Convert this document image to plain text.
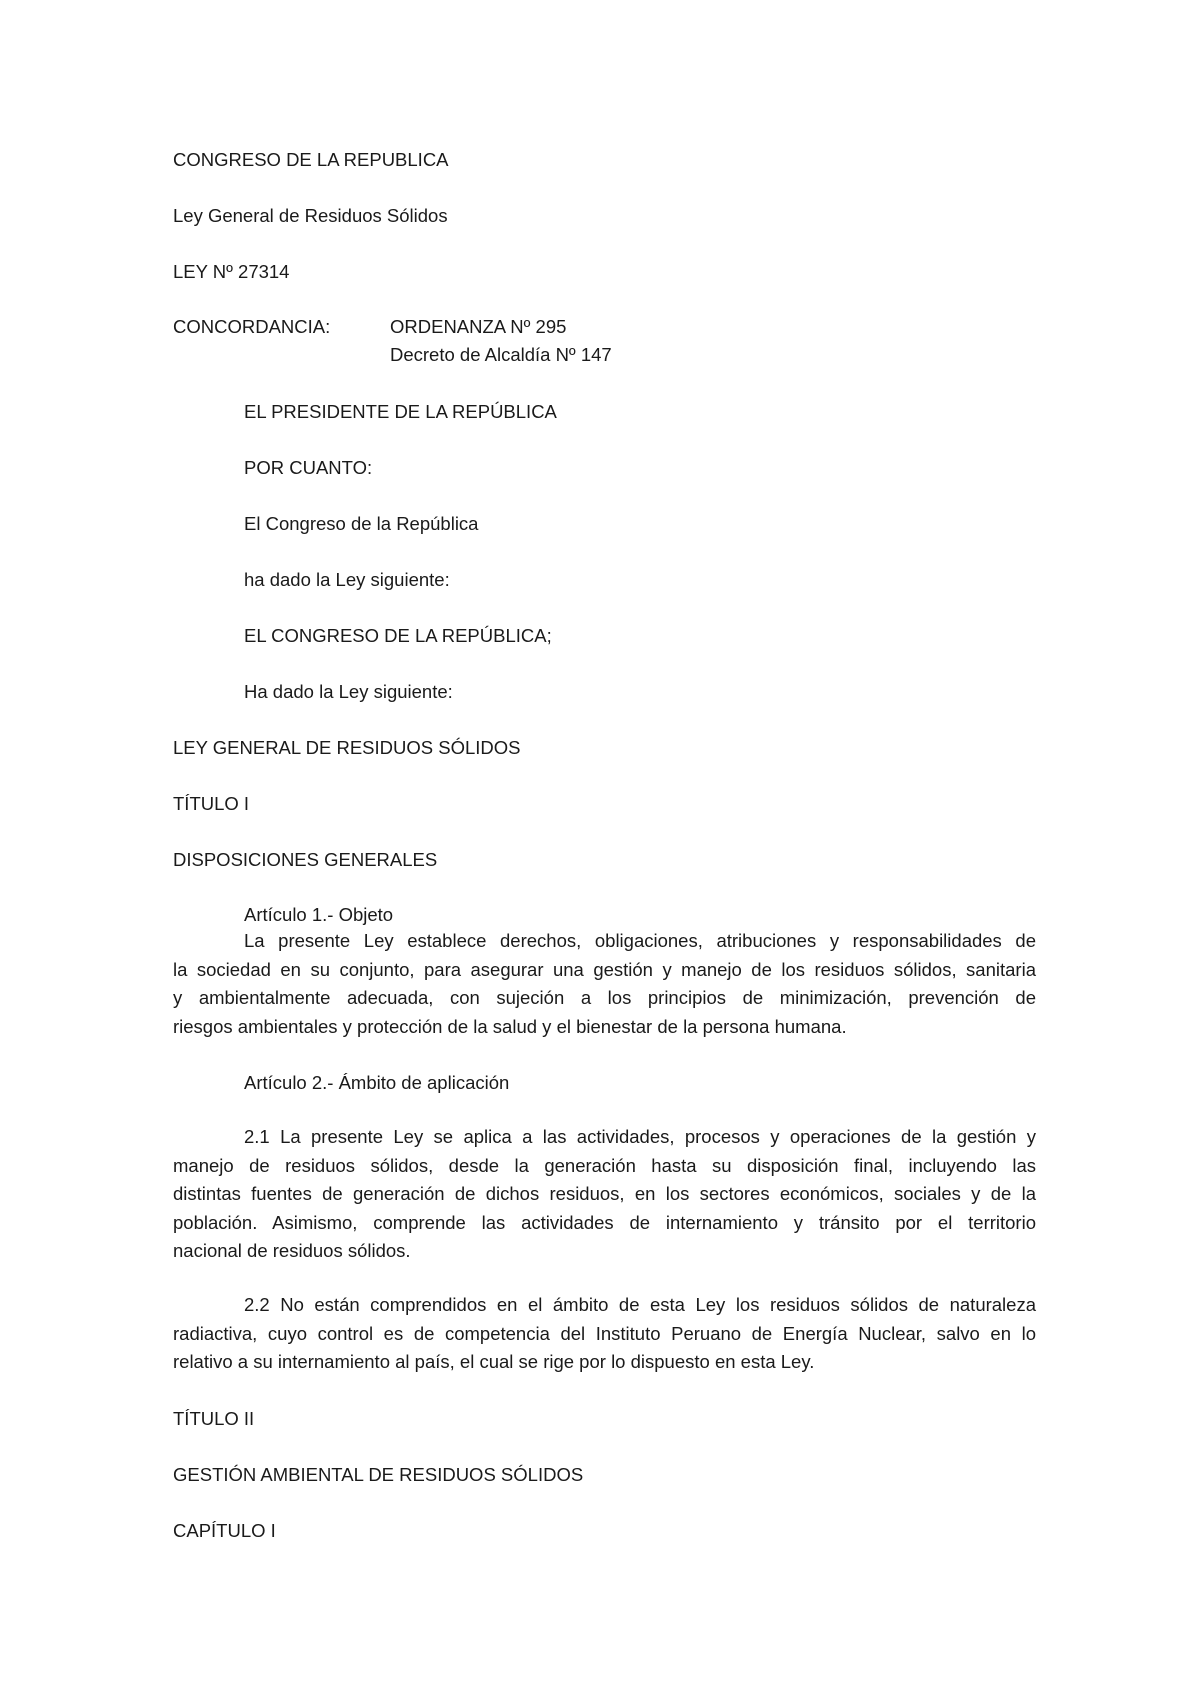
CONGRESO DE LA REPUBLICA
Ley General de Residuos Sólidos
LEY Nº 27314
CONCORDANCIA:	ORDENANZA Nº 295
Decreto de Alcaldía Nº 147
EL PRESIDENTE DE LA REPÚBLICA
POR CUANTO:
El Congreso de la República
ha dado la Ley siguiente:
EL CONGRESO DE LA REPÚBLICA;
Ha dado la Ley siguiente:
LEY GENERAL DE RESIDUOS SÓLIDOS
TÍTULO I
DISPOSICIONES GENERALES
Artículo 1.- Objeto
La presente Ley establece derechos, obligaciones, atribuciones y responsabilidades de
la sociedad en su conjunto, para asegurar una gestión y manejo de los residuos sólidos, sanitaria
y ambientalmente adecuada, con sujeción a los principios de minimización, prevención de
riesgos ambientales y protección de la salud y el bienestar de la persona humana.
Artículo 2.- Ámbito de aplicación
2.1 La presente Ley se aplica a las actividades, procesos y operaciones de la gestión y
manejo de residuos sólidos, desde la generación hasta su disposición final, incluyendo las
distintas fuentes de generación de dichos residuos, en los sectores económicos, sociales y de la
población. Asimismo, comprende las actividades de internamiento y tránsito por el territorio
nacional de residuos sólidos.
2.2 No están comprendidos en el ámbito de esta Ley los residuos sólidos de naturaleza
radiactiva, cuyo control es de competencia del Instituto Peruano de Energía Nuclear, salvo en lo
relativo a su internamiento al país, el cual se rige por lo dispuesto en esta Ley.
TÍTULO II
GESTIÓN AMBIENTAL DE RESIDUOS SÓLIDOS
CAPÍTULO I
